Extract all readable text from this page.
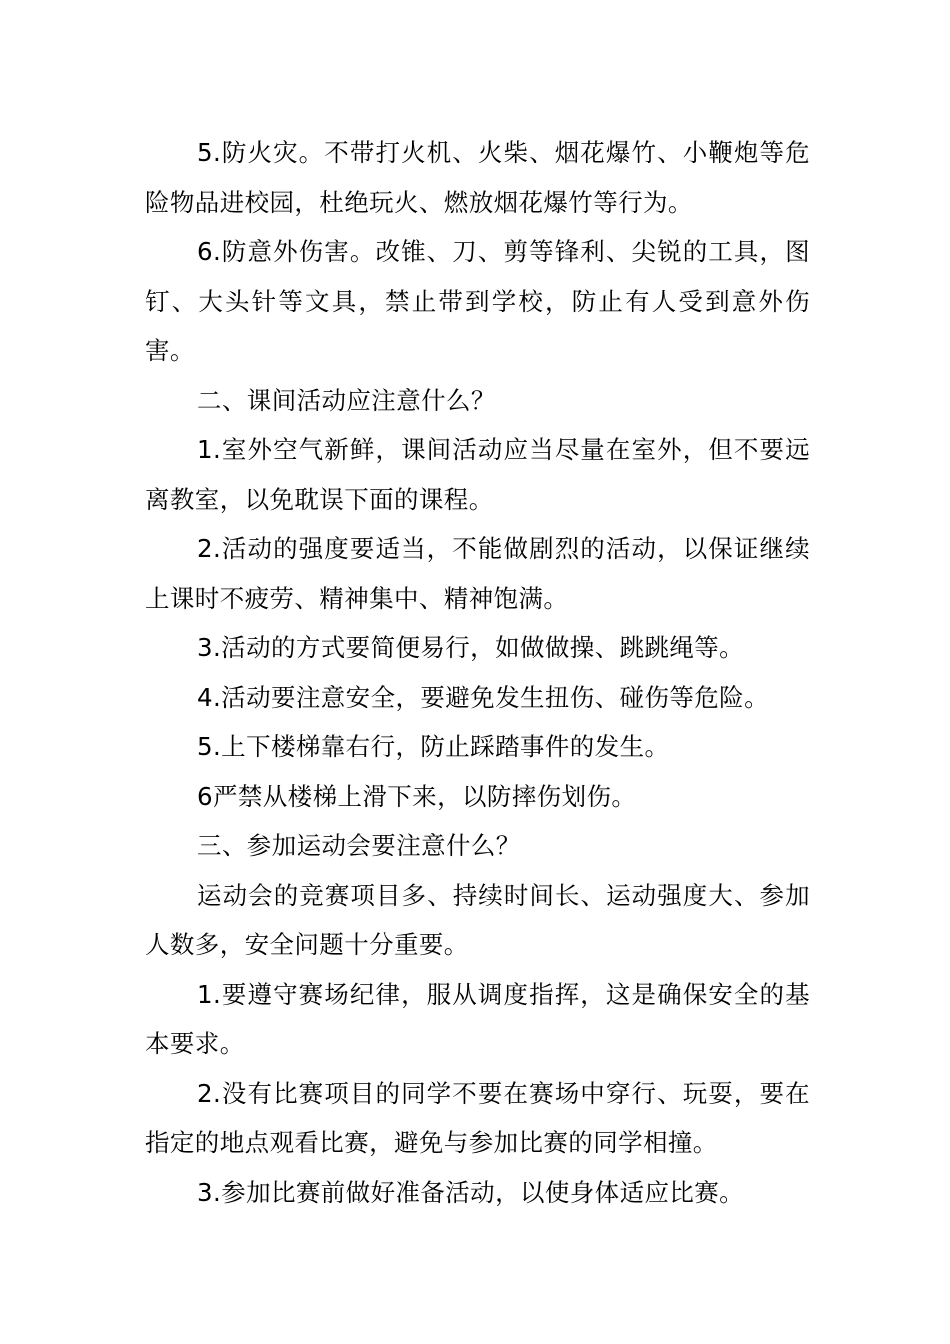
5.防火灾。不带打火机、火柴、烟花爆竹、小鞭炮等危险物品进校园，杜绝玩火、燃放烟花爆竹等行为。

6.防意外伤害。改锥、刀、剪等锋利、尖锐的工具，图钉、大头针等文具，禁止带到学校，防止有人受到意外伤害。

二、课间活动应注意什么？

1.室外空气新鲜，课间活动应当尽量在室外，但不要远离教室，以免耽误下面的课程。

2.活动的强度要适当，不能做剧烈的活动，以保证继续上课时不疲劳、精神集中、精神饱满。

3.活动的方式要简便易行，如做做操、跳跳绳等。

4.活动要注意安全，要避免发生扭伤、碰伤等危险。

5.上下楼梯靠右行，防止踩踏事件的发生。

6严禁从楼梯上滑下来，以防摔伤划伤。

三、参加运动会要注意什么？

运动会的竞赛项目多、持续时间长、运动强度大、参加人数多，安全问题十分重要。

1.要遵守赛场纪律，服从调度指挥，这是确保安全的基本要求。

2.没有比赛项目的同学不要在赛场中穿行、玩耍，要在指定的地点观看比赛，避免与参加比赛的同学相撞。

3.参加比赛前做好准备活动，以使身体适应比赛。
